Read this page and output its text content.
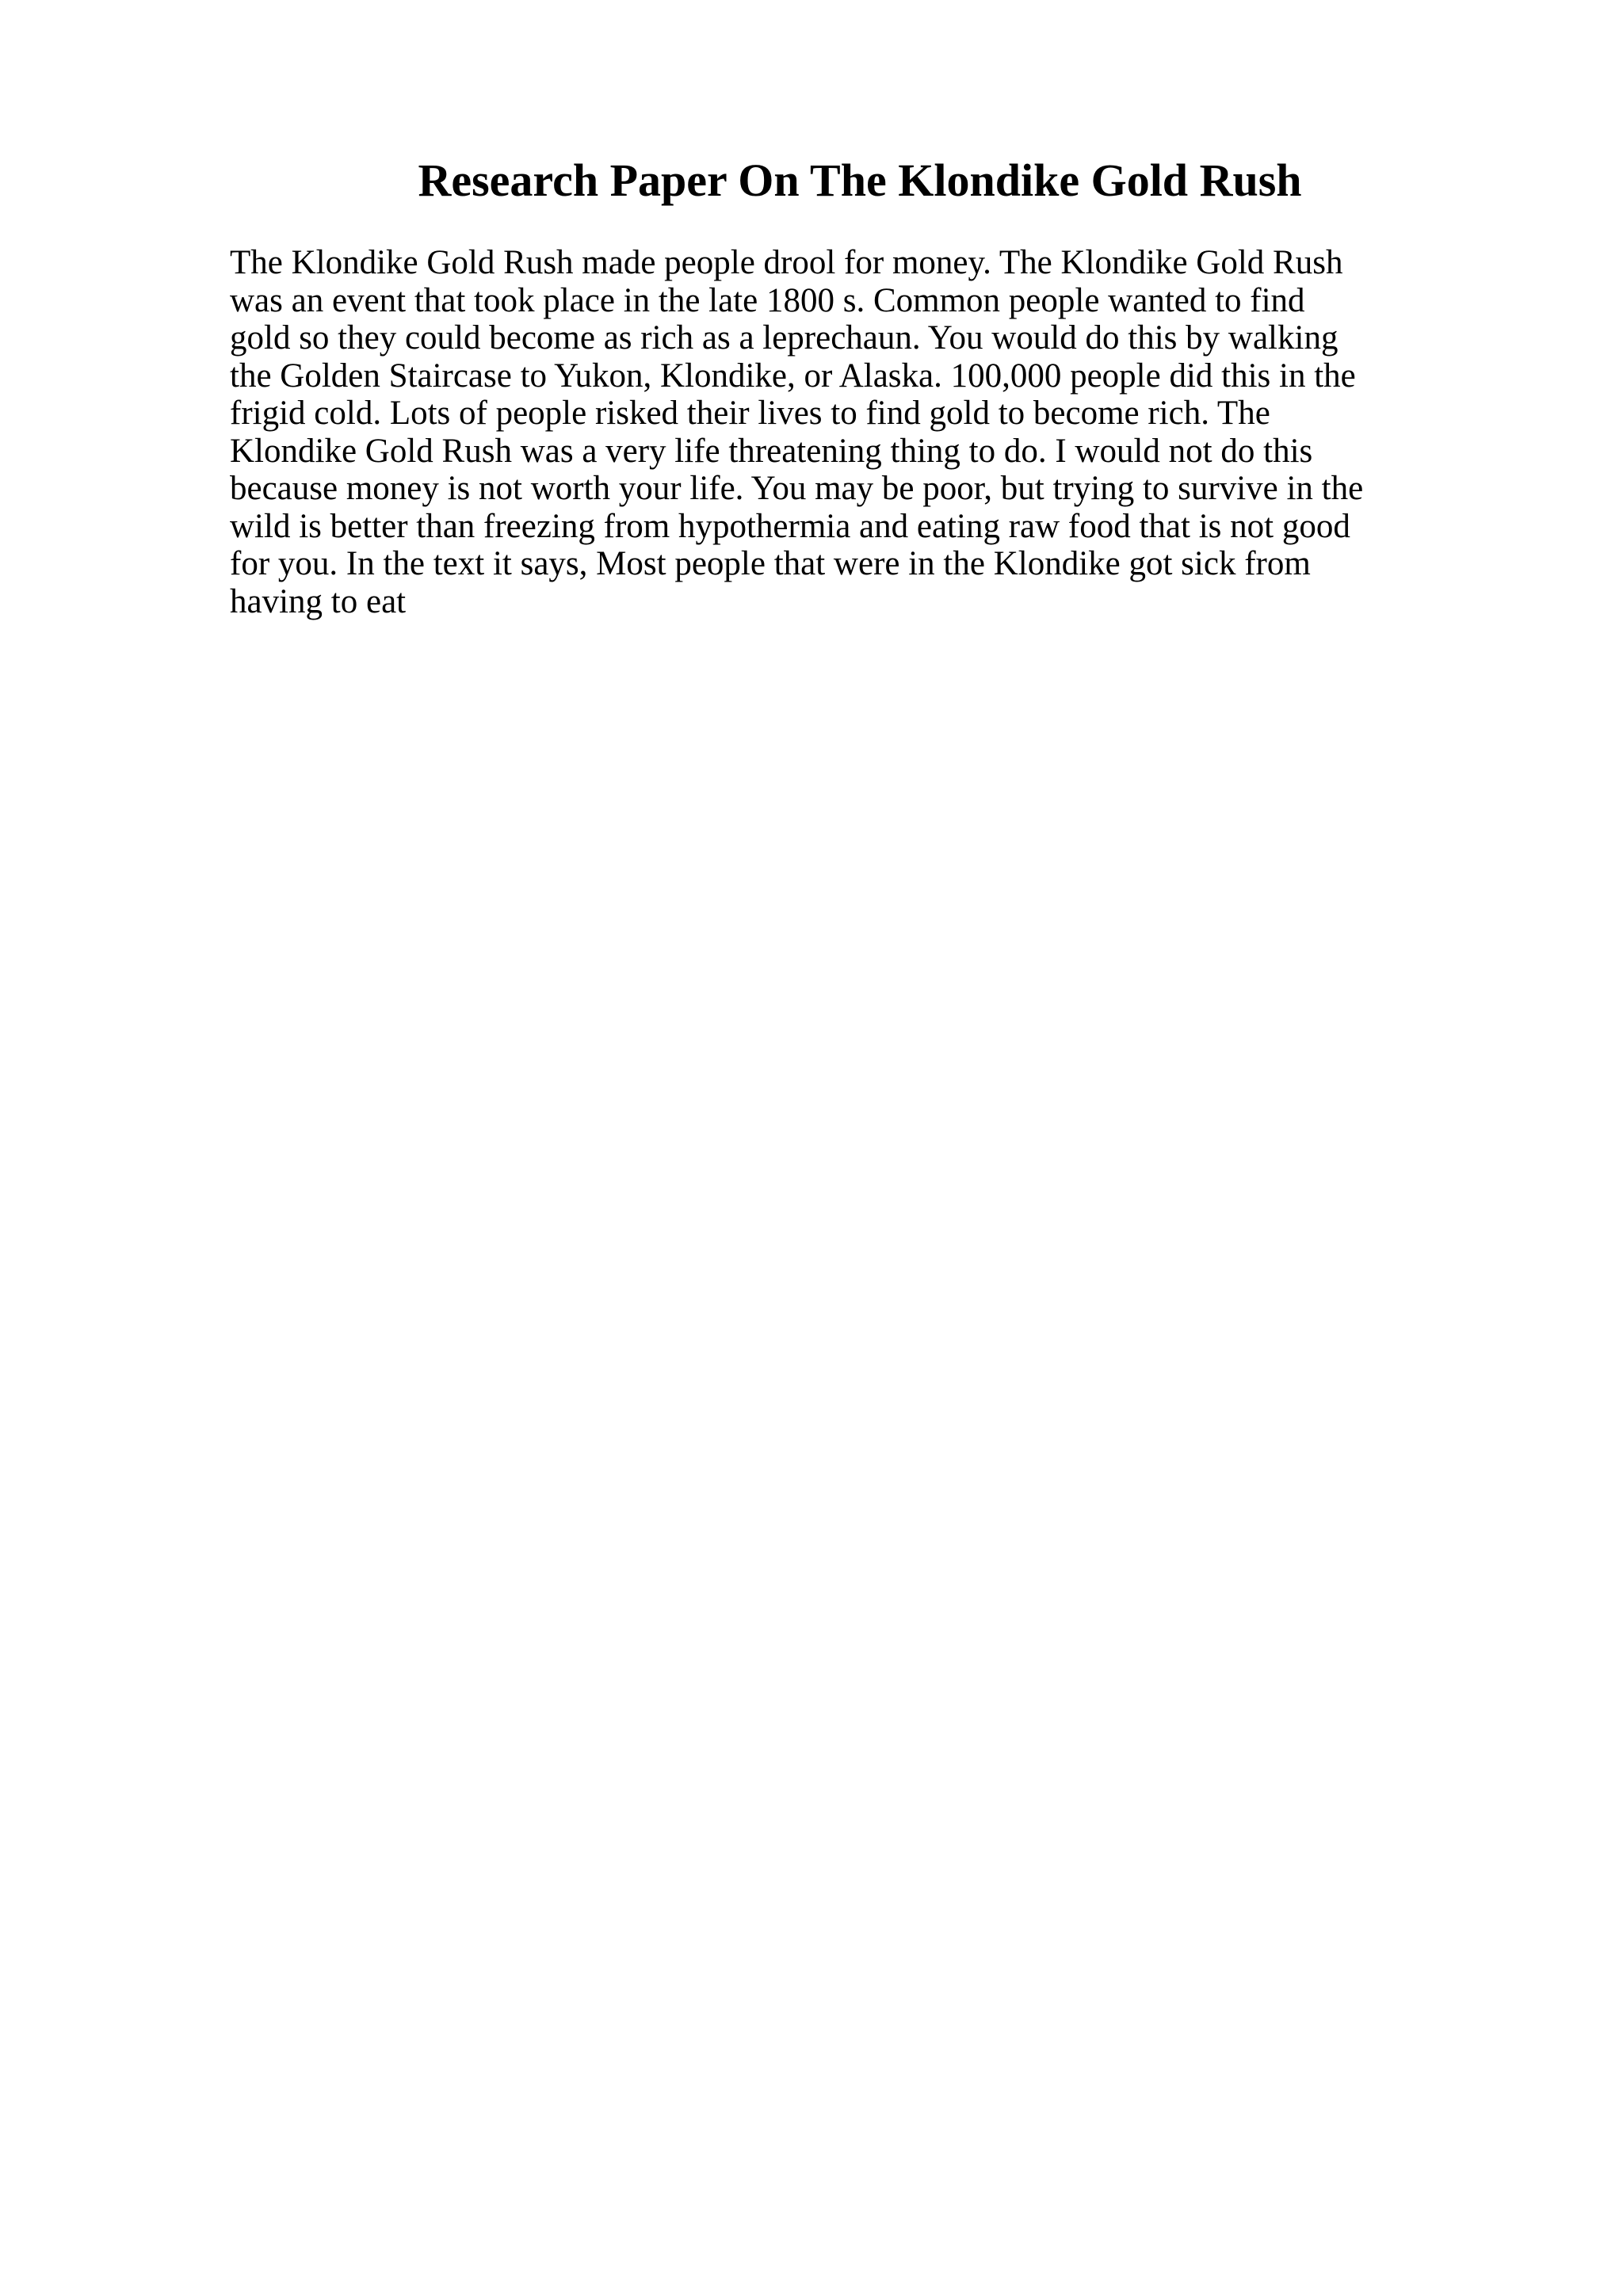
Research Paper On The Klondike Gold Rush
The Klondike Gold Rush made people drool for money. The Klondike Gold Rush
was an event that took place in the late 1800 s. Common people wanted to find
gold so they could become as rich as a leprechaun. You would do this by walking
the Golden Staircase to Yukon, Klondike, or Alaska. 100,000 people did this in the
frigid cold. Lots of people risked their lives to find gold to become rich. The
Klondike Gold Rush was a very life threatening thing to do. I would not do this
because money is not worth your life. You may be poor, but trying to survive in the
wild is better than freezing from hypothermia and eating raw food that is not good
for you. In the text it says, Most people that were in the Klondike got sick from
having to eat
